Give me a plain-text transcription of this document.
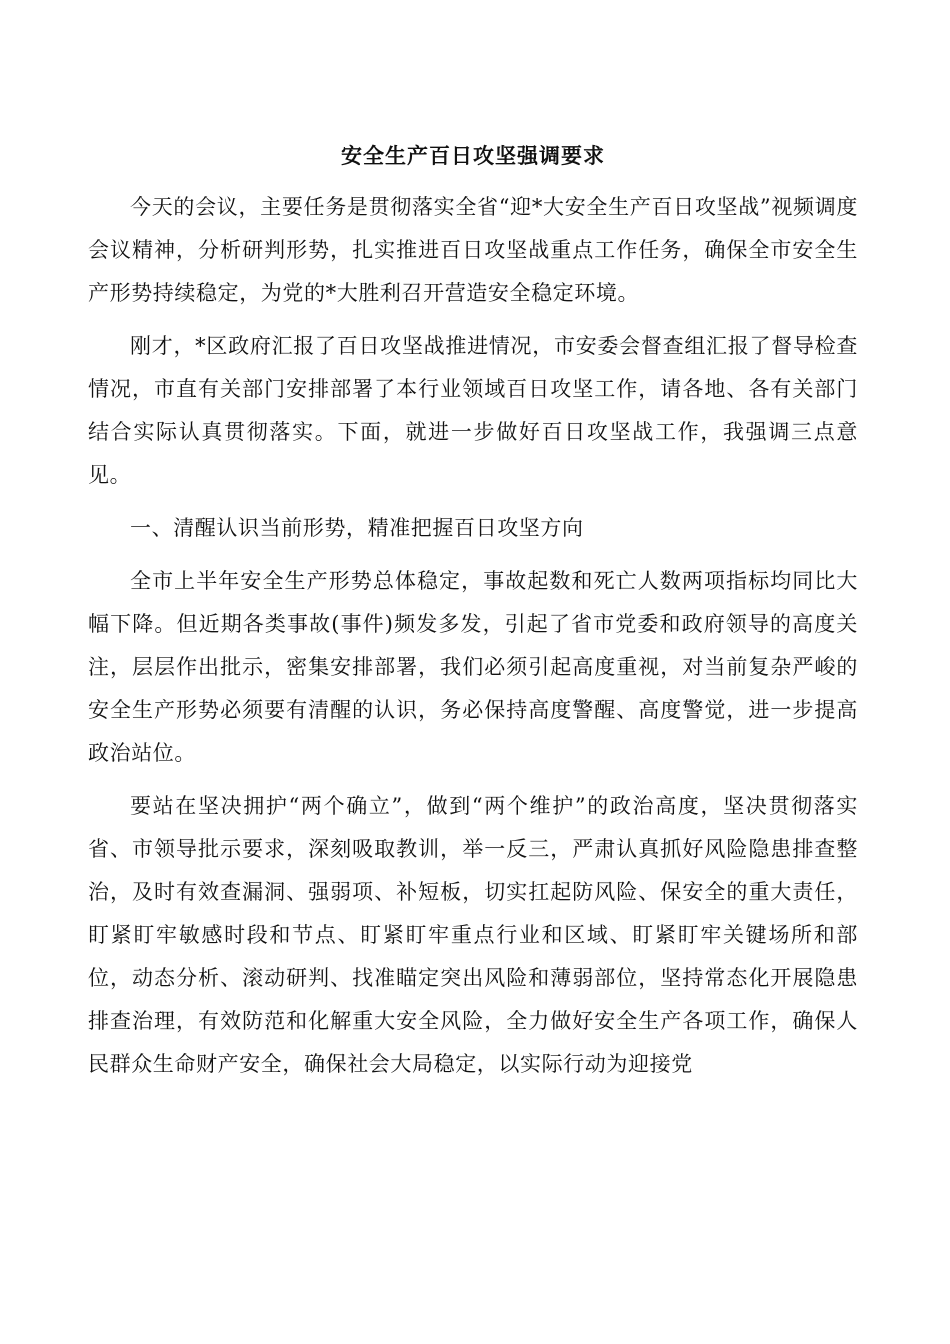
安全生产百日攻坚强调要求

今天的会议，主要任务是贯彻落实全省“迎*大安全生产百日攻坚战”视频调度会议精神，分析研判形势，扎实推进百日攻坚战重点工作任务，确保全市安全生产形势持续稳定，为党的*大胜利召开营造安全稳定环境。

刚才，*区政府汇报了百日攻坚战推进情况，市安委会督查组汇报了督导检查情况，市直有关部门安排部署了本行业领域百日攻坚工作，请各地、各有关部门结合实际认真贯彻落实。下面，就进一步做好百日攻坚战工作，我强调三点意见。

一、清醒认识当前形势，精准把握百日攻坚方向

全市上半年安全生产形势总体稳定，事故起数和死亡人数两项指标均同比大幅下降。但近期各类事故(事件)频发多发，引起了省市党委和政府领导的高度关注，层层作出批示，密集安排部署，我们必须引起高度重视，对当前复杂严峻的安全生产形势必须要有清醒的认识，务必保持高度警醒、高度警觉，进一步提高政治站位。

要站在坚决拥护“两个确立”，做到“两个维护”的政治高度，坚决贯彻落实省、市领导批示要求，深刻吸取教训，举一反三，严肃认真抓好风险隐患排查整治，及时有效查漏洞、强弱项、补短板，切实扛起防风险、保安全的重大责任，盯紧盯牢敏感时段和节点、盯紧盯牢重点行业和区域、盯紧盯牢关键场所和部位，动态分析、滚动研判、找准瞄定突出风险和薄弱部位，坚持常态化开展隐患排查治理，有效防范和化解重大安全风险，全力做好安全生产各项工作，确保人民群众生命财产安全，确保社会大局稳定，以实际行动为迎接党
